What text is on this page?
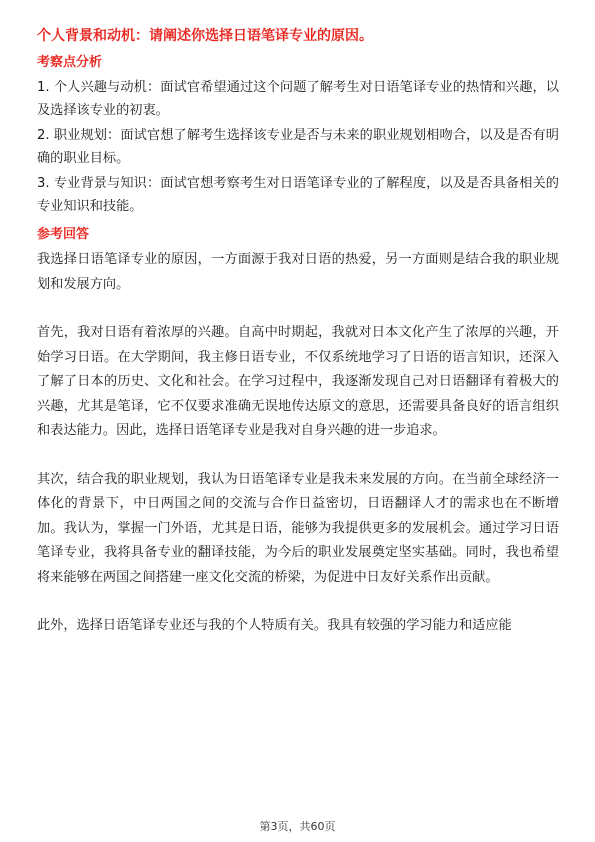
个人背景和动机：请阐述你选择日语笔译专业的原因。
考察点分析
1. 个人兴趣与动机：面试官希望通过这个问题了解考生对日语笔译专业的热情和兴趣，以及选择该专业的初衷。
2. 职业规划：面试官想了解考生选择该专业是否与未来的职业规划相吻合，以及是否有明确的职业目标。
3. 专业背景与知识：面试官想考察考生对日语笔译专业的了解程度，以及是否具备相关的专业知识和技能。
参考回答

我选择日语笔译专业的原因，一方面源于我对日语的热爱，另一方面则是结合我的职业规划和发展方向。

首先，我对日语有着浓厚的兴趣。自高中时期起，我就对日本文化产生了浓厚的兴趣，开始学习日语。在大学期间，我主修日语专业，不仅系统地学习了日语的语言知识，还深入了解了日本的历史、文化和社会。在学习过程中，我逐渐发现自己对日语翻译有着极大的兴趣，尤其是笔译，它不仅要求准确无误地传达原文的意思，还需要具备良好的语言组织和表达能力。因此，选择日语笔译专业是我对自身兴趣的进一步追求。

其次，结合我的职业规划，我认为日语笔译专业是我未来发展的方向。在当前全球经济一体化的背景下，中日两国之间的交流与合作日益密切，日语翻译人才的需求也在不断增加。我认为，掌握一门外语，尤其是日语，能够为我提供更多的发展机会。通过学习日语笔译专业，我将具备专业的翻译技能，为今后的职业发展奠定坚实基础。同时，我也希望将来能够在两国之间搭建一座文化交流的桥梁，为促进中日友好关系作出贡献。

此外，选择日语笔译专业还与我的个人特质有关。我具有较强的学习能力和适应能

第3页，共60页
